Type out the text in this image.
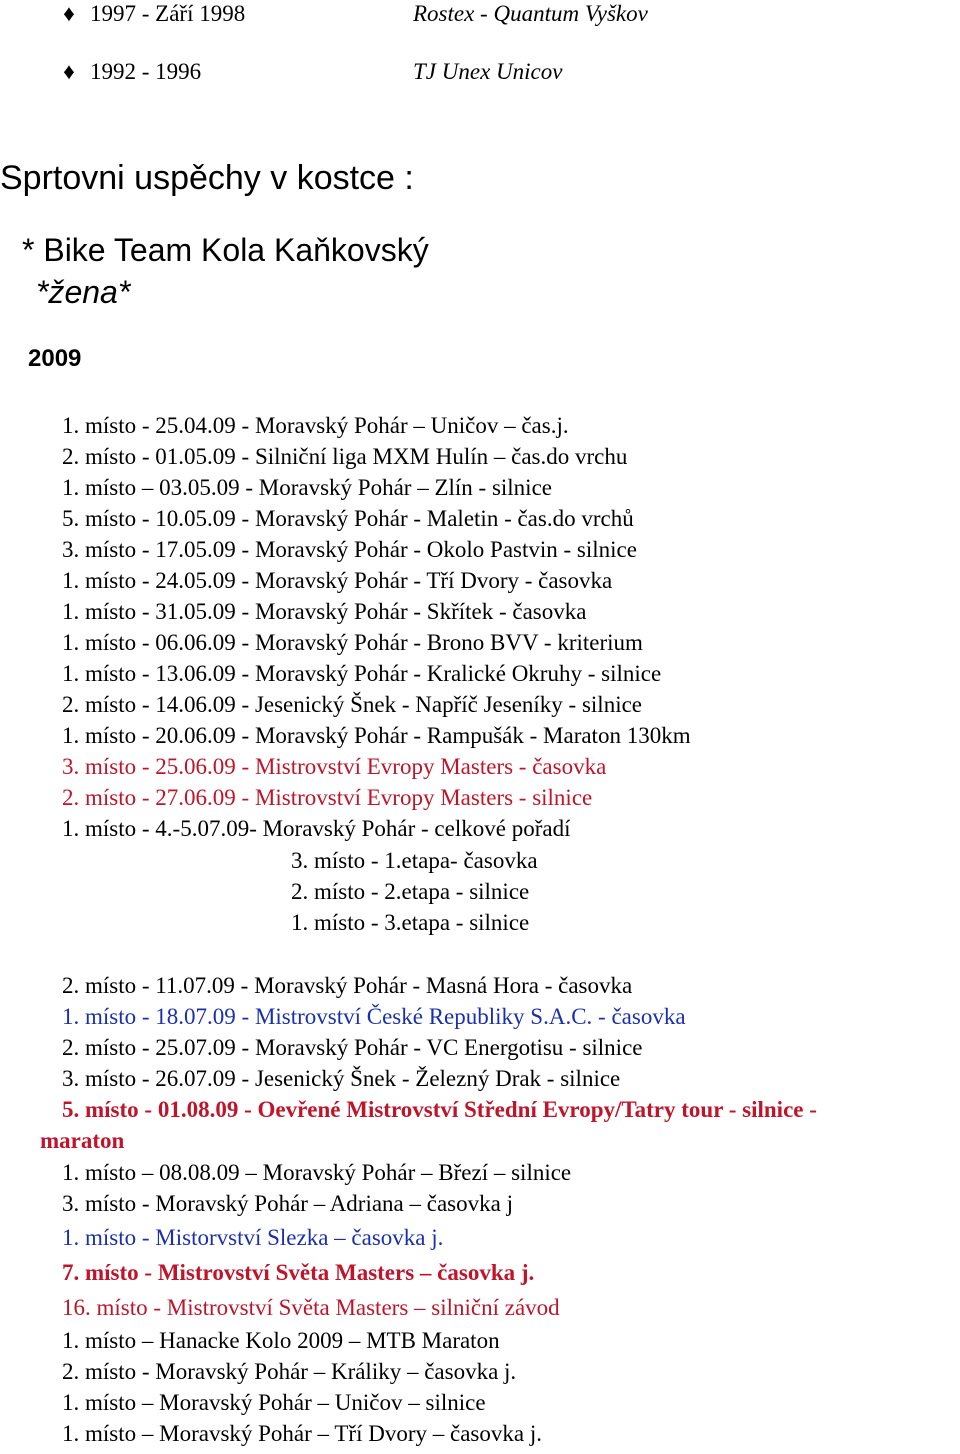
♦ 1997 - Září 1998	Rostex - Quantum Vyškov
♦ 1992 - 1996	TJ Unex Unicov
Sprtovni uspěchy v kostce :
* Bike Team Kola Kaňkovský
*žena*
2009
1. místo - 25.04.09 - Moravský Pohár – Uničov – čas.j.
2. místo - 01.05.09 - Silniční liga MXM Hulín – čas.do vrchu
1. místo – 03.05.09 - Moravský Pohár – Zlín - silnice
5. místo - 10.05.09 - Moravský Pohár - Maletin - čas.do vrchů
3. místo - 17.05.09 - Moravský Pohár - Okolo Pastvin - silnice
1. místo - 24.05.09 - Moravský Pohár - Tří Dvory - časovka
1. místo - 31.05.09 - Moravský Pohár - Skřítek - časovka
1. místo - 06.06.09 - Moravský Pohár - Brono BVV - kriterium
1. místo - 13.06.09 - Moravský Pohár - Kralické Okruhy - silnice
2. místo - 14.06.09 - Jesenický Šnek - Napříč Jeseníky - silnice
1. místo - 20.06.09 - Moravský Pohár - Rampušák - Maraton 130km
3. místo - 25.06.09 - Mistrovství Evropy Masters - časovka
2. místo - 27.06.09 - Mistrovství Evropy Masters - silnice
1. místo - 4.-5.07.09- Moravský Pohár - celkové pořadí
3. místo - 1.etapa- časovka
2. místo - 2.etapa - silnice
1. místo - 3.etapa - silnice
2. místo - 11.07.09 - Moravský Pohár - Masná Hora - časovka
1. místo - 18.07.09 - Mistrovství České Republiky S.A.C. - časovka
2. místo - 25.07.09 - Moravský Pohár - VC Energotisu - silnice
3. místo - 26.07.09 - Jesenický Šnek - Železný Drak - silnice
5. místo - 01.08.09 - Oevřené Mistrovství Střední Evropy/Tatry tour - silnice -
maraton
1. místo – 08.08.09 – Moravský Pohár – Březí – silnice
3. místo - Moravský Pohár – Adriana – časovka j
1. místo - Mistorvství Slezka – časovka j.
7. místo - Mistrovství Světa Masters – časovka j.
16. místo - Mistrovství Světa Masters – silniční závod
1. místo – Hanacke Kolo 2009 – MTB Maraton
2. místo - Moravský Pohár – Králiky – časovka j.
1. místo – Moravský Pohár – Uničov – silnice
1. místo – Moravský Pohár – Tří Dvory – časovka j.
